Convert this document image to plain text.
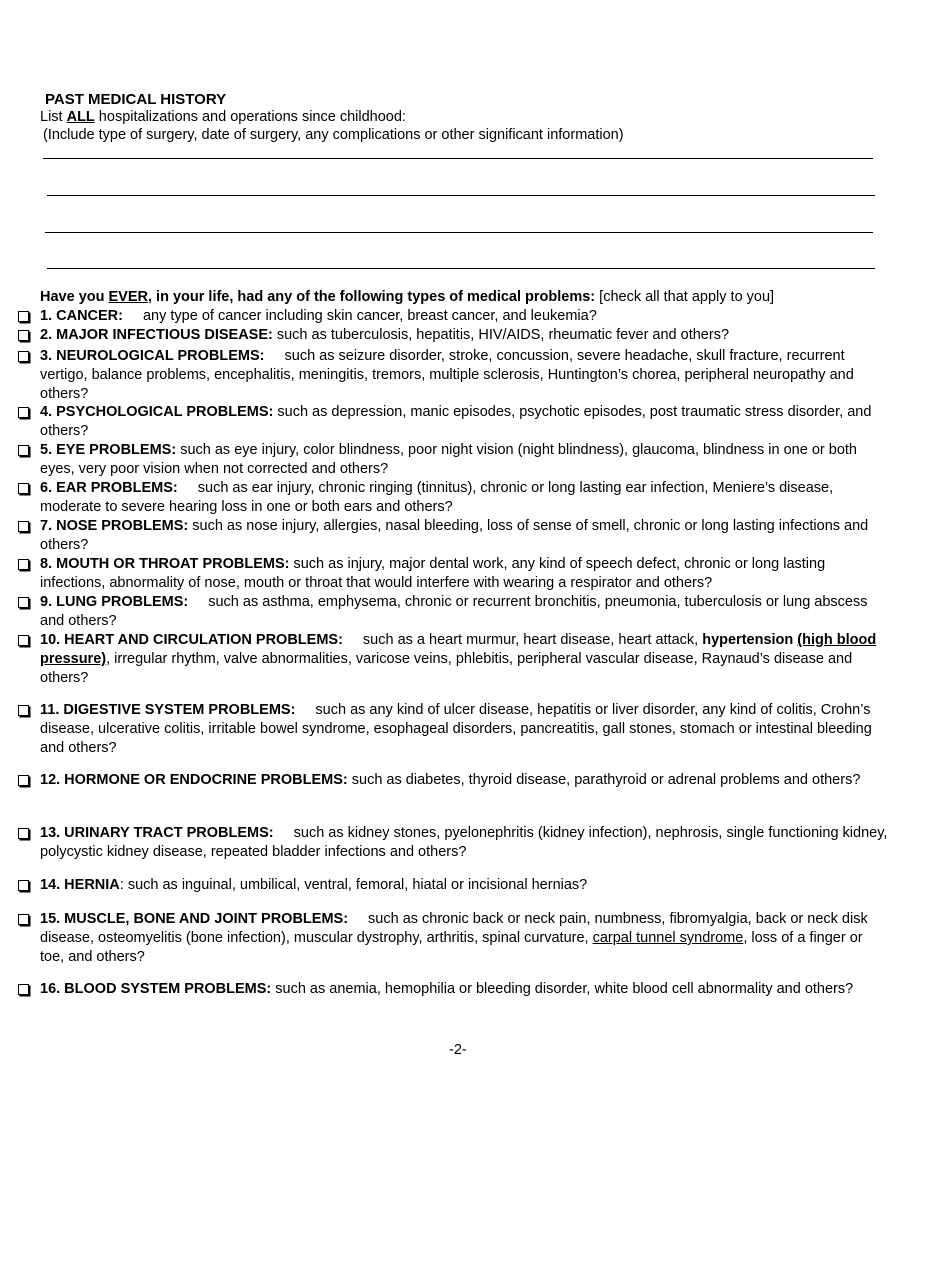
PAST MEDICAL HISTORY
List ALL hospitalizations and operations since childhood:
(Include type of surgery, date of surgery, any complications or other significant information)
Have you EVER, in your life, had any of the following types of medical problems: [check all that apply to you]
1. CANCER: any type of cancer including skin cancer, breast cancer, and leukemia?
2. MAJOR INFECTIOUS DISEASE: such as tuberculosis, hepatitis, HIV/AIDS, rheumatic fever and others?
3. NEUROLOGICAL PROBLEMS: such as seizure disorder, stroke, concussion, severe headache, skull fracture, recurrent vertigo, balance problems, encephalitis, meningitis, tremors, multiple sclerosis, Huntington’s chorea, peripheral neuropathy and others?
4. PSYCHOLOGICAL PROBLEMS: such as depression, manic episodes, psychotic episodes, post traumatic stress disorder, and others?
5. EYE PROBLEMS: such as eye injury, color blindness, poor night vision (night blindness), glaucoma, blindness in one or both eyes, very poor vision when not corrected and others?
6. EAR PROBLEMS: such as ear injury, chronic ringing (tinnitus), chronic or long lasting ear infection, Meniere’s disease, moderate to severe hearing loss in one or both ears and others?
7. NOSE PROBLEMS: such as nose injury, allergies, nasal bleeding, loss of sense of smell, chronic or long lasting infections and others?
8. MOUTH OR THROAT PROBLEMS: such as injury, major dental work, any kind of speech defect, chronic or long lasting infections, abnormality of nose, mouth or throat that would interfere with wearing a respirator and others?
9. LUNG PROBLEMS: such as asthma, emphysema, chronic or recurrent bronchitis, pneumonia, tuberculosis or lung abscess and others?
10. HEART AND CIRCULATION PROBLEMS: such as a heart murmur, heart disease, heart attack, hypertension (high blood pressure), irregular rhythm, valve abnormalities, varicose veins, phlebitis, peripheral vascular disease, Raynaud’s disease and others?
11. DIGESTIVE SYSTEM PROBLEMS: such as any kind of ulcer disease, hepatitis or liver disorder, any kind of colitis, Crohn’s disease, ulcerative colitis, irritable bowel syndrome, esophageal disorders, pancreatitis, gall stones, stomach or intestinal bleeding and others?
12. HORMONE OR ENDOCRINE PROBLEMS: such as diabetes, thyroid disease, parathyroid or adrenal problems and others?
13. URINARY TRACT PROBLEMS: such as kidney stones, pyelonephritis (kidney infection), nephrosis, single functioning kidney, polycystic kidney disease, repeated bladder infections and others?
14. HERNIA: such as inguinal, umbilical, ventral, femoral, hiatal or incisional hernias?
15. MUSCLE, BONE AND JOINT PROBLEMS: such as chronic back or neck pain, numbness, fibromyalgia, back or neck disk disease, osteomyelitis (bone infection), muscular dystrophy, arthritis, spinal curvature, carpal tunnel syndrome, loss of a finger or toe, and others?
16. BLOOD SYSTEM PROBLEMS: such as anemia, hemophilia or bleeding disorder, white blood cell abnormality and others?
-2-
